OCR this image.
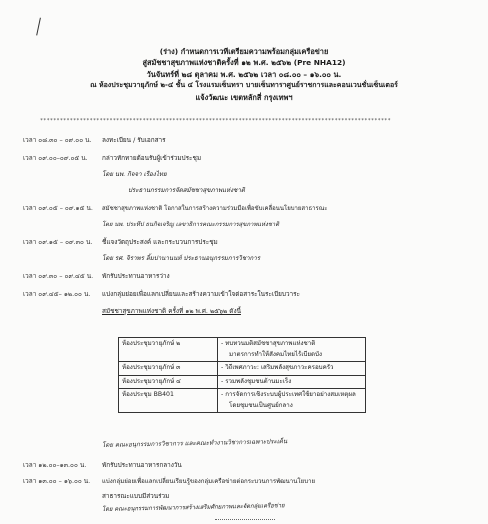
(ร่าง) กำหนดการเวทีเตรียมความพร้อมกลุ่มเครือข่าย
สู่สมัชชาสุขภาพแห่งชาติครั้งที่ ๑๒ พ.ศ. ๒๕๖๒ (Pre NHA12)
วันจันทร์ที่ ๒๘ ตุลาคม พ.ศ. ๒๕๖๒ เวลา ๐๘.๐๐ – ๑๖.๐๐ น.
ณ ห้องประชุมวายุภักษ์ ๒-๔ ชั้น ๔ โรงแรมเซ็นทรา บายเซ็นทาราศูนย์ราชการและคอนเวนชั่นเซ็นเตอร์
แจ้งวัฒนะ เขตหลักสี่ กรุงเทพฯ
**********************************************************************************************************
เวลา ๐๘.๓๐ – ๐๙.๐๐ น. ลงทะเบียน / รับเอกสาร
เวลา ๐๙.๐๐–๐๙.๐๕ น. กล่าวทักทายต้อนรับผู้เข้าร่วมประชุม
โดย นพ. กิจจา เรืองไทย
ประธานกรรมการจัดสมัชชาสุขภาพแห่งชาติ
เวลา ๐๙.๐๕ – ๐๙.๑๕ น. สมัชชาสุขภาพแห่งชาติ โอกาสในการสร้างความร่วมมือเพื่อขับเคลื่อนนโยบายสาธารณะ
โดย นพ. ประทีป ธนกิจเจริญ เลขาธิการคณะกรรมการสุขภาพแห่งชาติ
เวลา ๐๙.๑๕ – ๐๙.๓๐ น. ชี้แจงวัตถุประสงค์ และกระบวนการประชุม
โดย รศ. จิราพร ลิ้มปานานนท์ ประธานอนุกรรมการวิชาการ
เวลา ๐๙.๓๐ – ๐๙.๔๕ น. พักรับประทานอาหารว่าง
เวลา ๐๙.๔๕– ๑๒.๐๐ น. แบ่งกลุ่มย่อยเพื่อแลกเปลี่ยนและสร้างความเข้าใจต่อสาระในระเบียบวาระ
สมัชชาสุขภาพแห่งชาติ ครั้งที่ ๑๒ พ.ศ. ๒๕๖๒ ดังนี้
ห้องประชุมวายุภักษ์ ๒	- ทบทวนมติสมัชชาสุขภาพแห่งชาติ
มาตรการทำให้สังคมไทยไร้เบียดบัง
ห้องประชุมวายุภักษ์ ๓	- วิถีเพศภาวะ: เสริมพลังสุขภาวะครอบครัว
ห้องประชุมวายุภักษ์ ๔	- รวมพลังชุมชนต้านมะเร็ง
ห้องประชุม BB401	- การจัดการเชิงระบบผู้ประเทศใช้ยาอย่างสมเหตุผล
โดยชุมชนเป็นศูนย์กลาง
โดย คณะอนุกรรมการวิชาการ และคณะทำงานวิชาการเฉพาะประเด็น
เวลา ๑๒.๐๐–๑๓.๐๐ น. พักรับประทานอาหารกลางวัน
เวลา ๑๓.๐๐ – ๑๖.๐๐ น. แบ่งกลุ่มย่อยเพื่อแลกเปลี่ยนเรียนรู้ของกลุ่มเครือข่ายต่อกระบวนการพัฒนานโยบาย
สาธารณะแบบมีส่วนร่วม
โดย คณะอนุกรรมการพัฒนาการสร้างเสริมศักยภาพและจัดกลุ่มเครือข่าย
